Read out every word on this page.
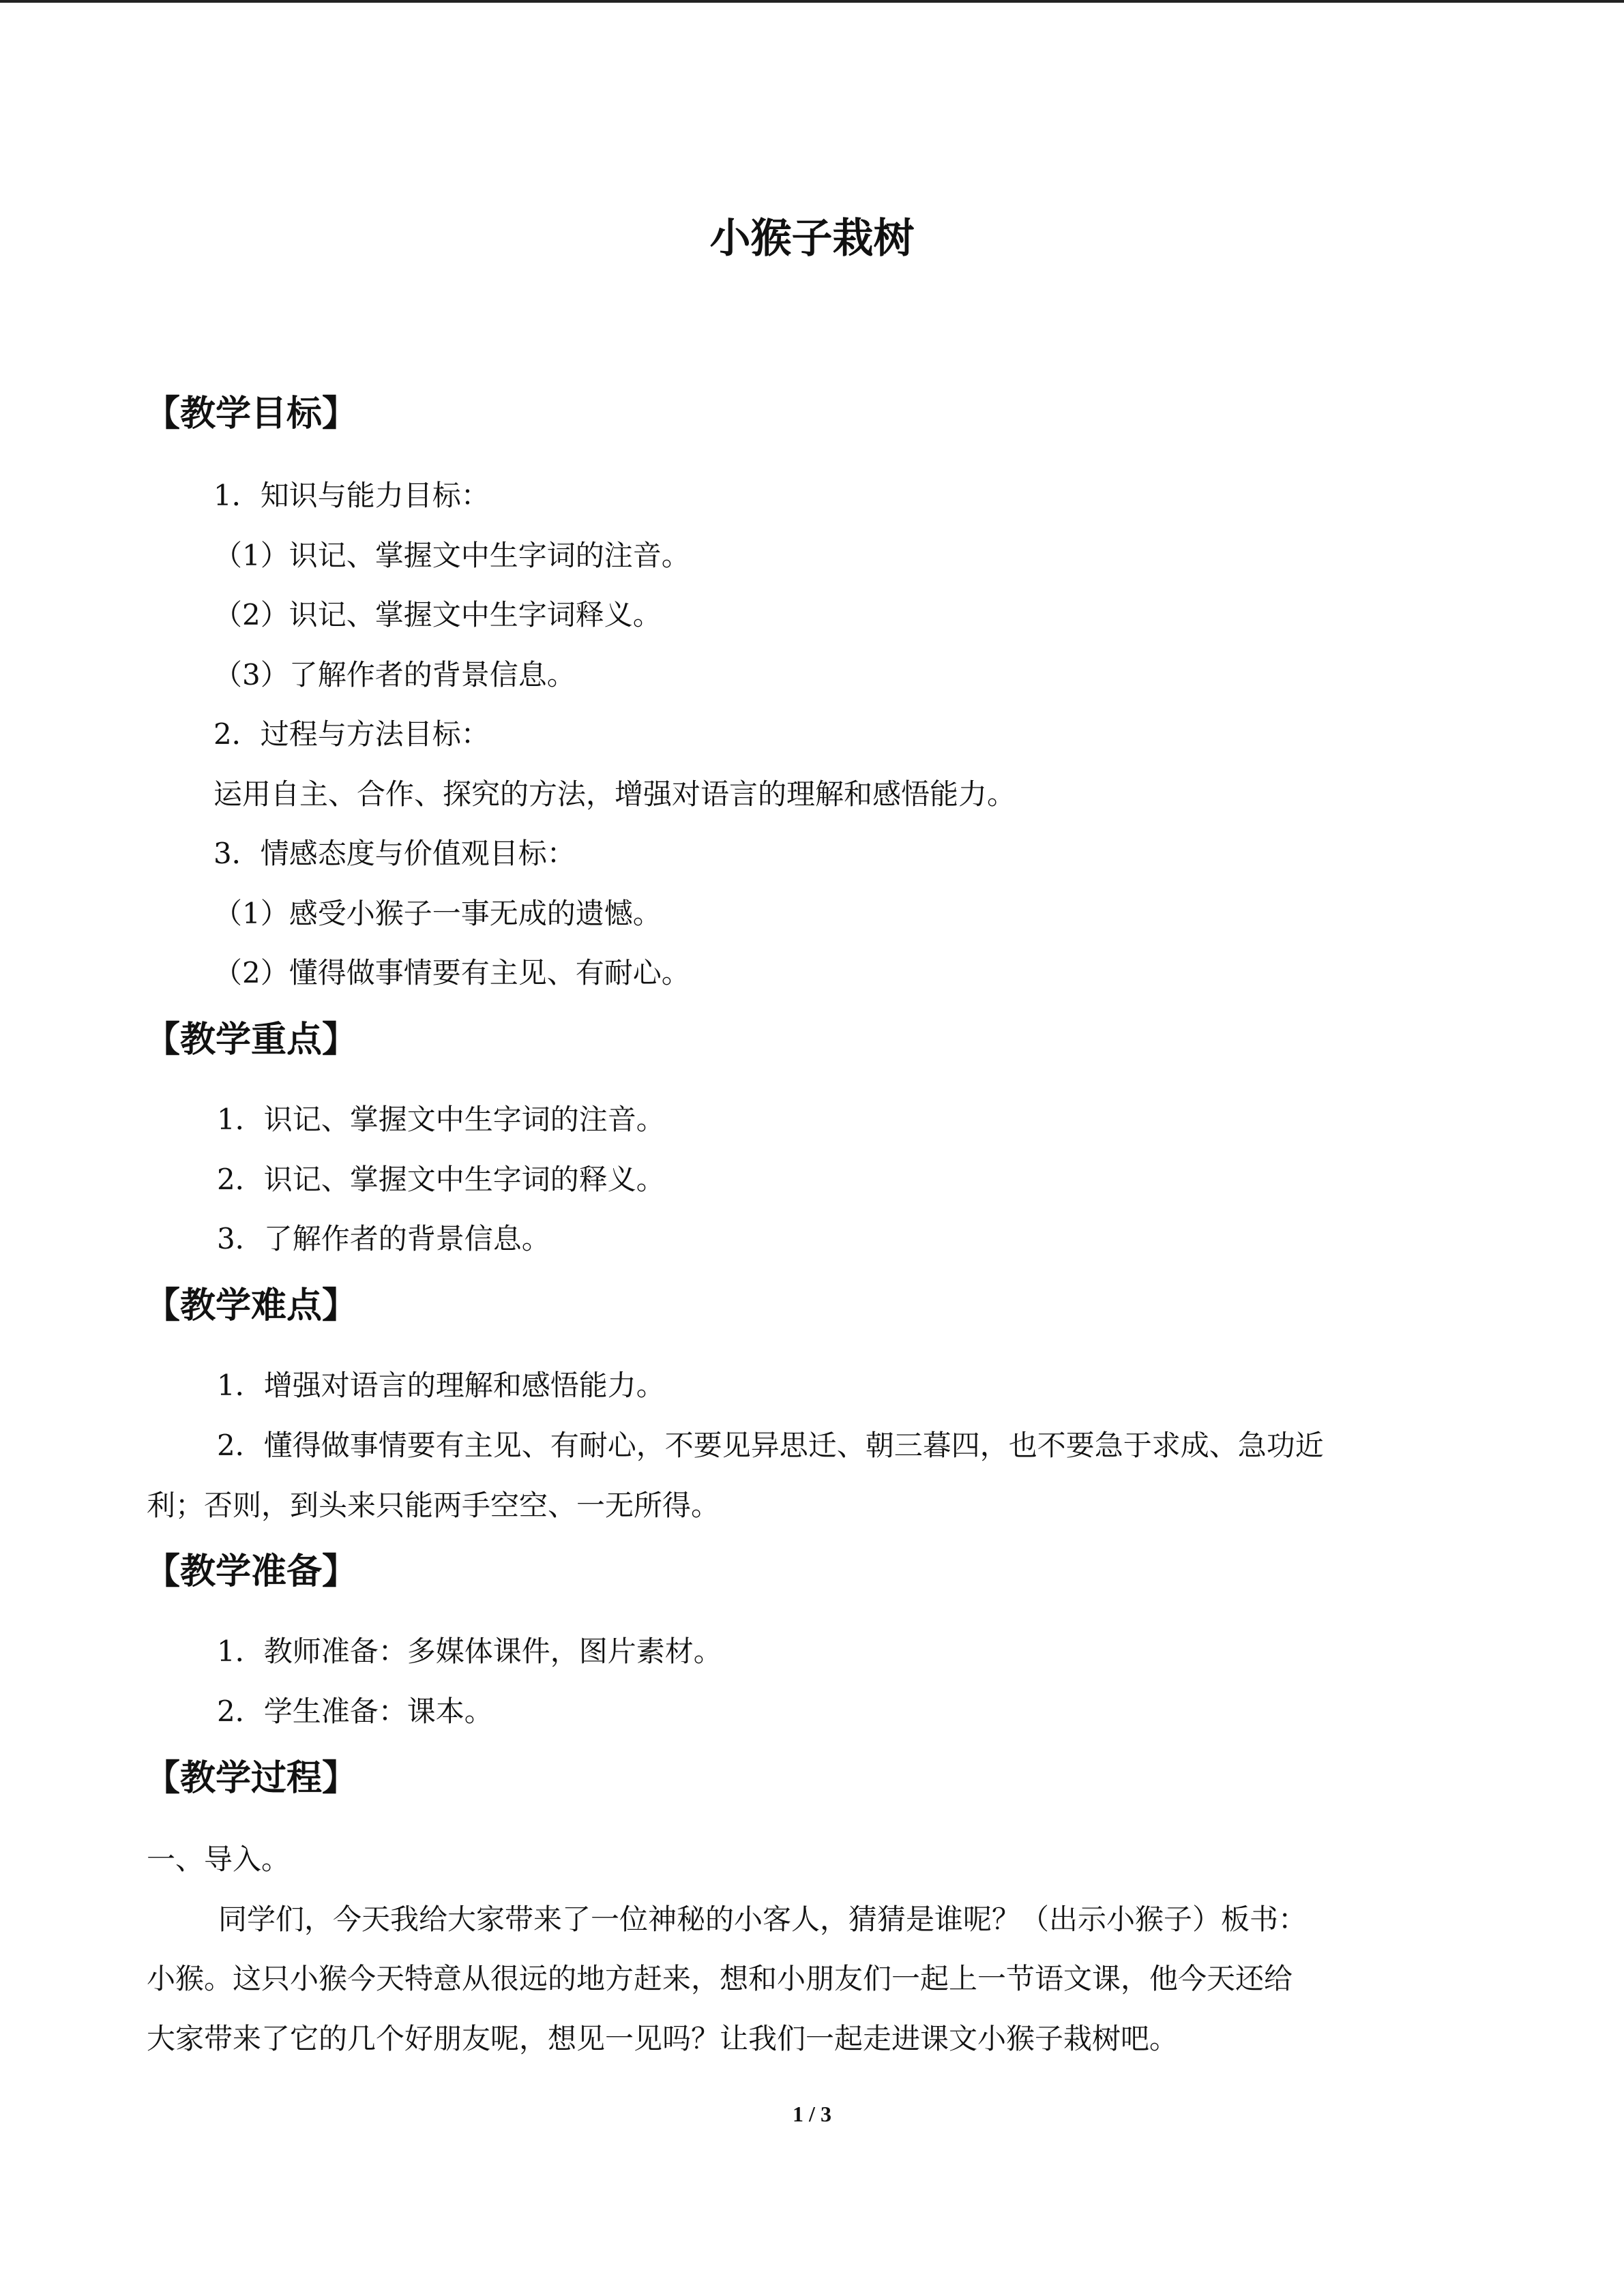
小猴子栽树
【教学目标】

1．知识与能力目标：

（1）识记、掌握文中生字词的注音。

（2）识记、掌握文中生字词释义。

（3）了解作者的背景信息。

2．过程与方法目标：

运用自主、合作、探究的方法，增强对语言的理解和感悟能力。

3．情感态度与价值观目标：

（1）感受小猴子一事无成的遗憾。

（2）懂得做事情要有主见、有耐心。

【教学重点】

1．识记、掌握文中生字词的注音。

2．识记、掌握文中生字词的释义。

3．了解作者的背景信息。

【教学难点】

1．增强对语言的理解和感悟能力。

2．懂得做事情要有主见、有耐心，不要见异思迁、朝三暮四，也不要急于求成、急功近

利；否则，到头来只能两手空空、一无所得。

【教学准备】

1．教师准备：多媒体课件，图片素材。

2．学生准备：课本。

【教学过程】

一、导入。

同学们，今天我给大家带来了一位神秘的小客人，猜猜是谁呢？（出示小猴子）板书：

小猴。这只小猴今天特意从很远的地方赶来，想和小朋友们一起上一节语文课，他今天还给

大家带来了它的几个好朋友呢，想见一见吗？让我们一起走进课文小猴子栽树吧。

1 / 3
